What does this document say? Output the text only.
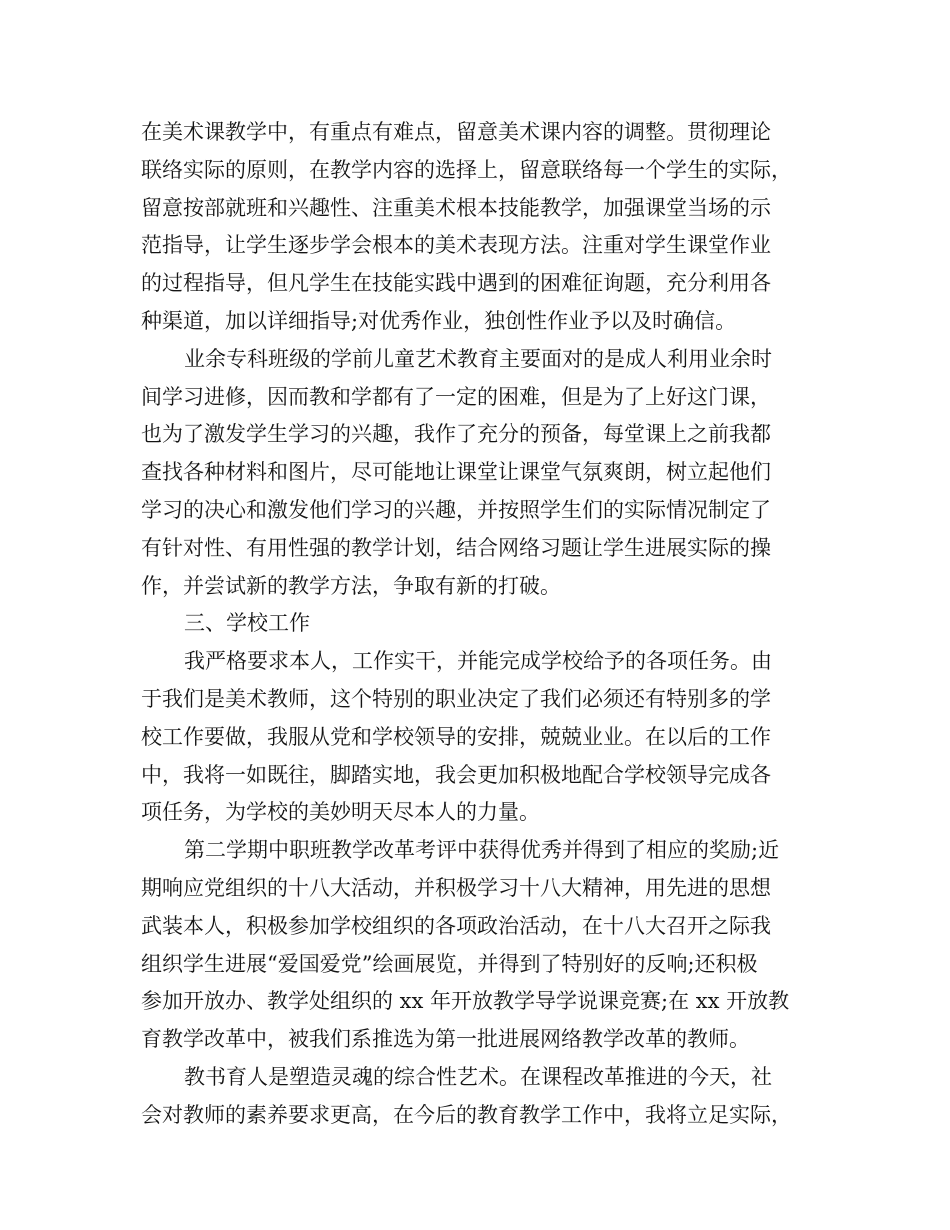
在美术课教学中，有重点有难点，留意美术课内容的调整。贯彻理论
联络实际的原则，在教学内容的选择上，留意联络每一个学生的实际，
留意按部就班和兴趣性、注重美术根本技能教学，加强课堂当场的示
范指导，让学生逐步学会根本的美术表现方法。注重对学生课堂作业
的过程指导，但凡学生在技能实践中遇到的困难征询题，充分利用各
种渠道，加以详细指导;对优秀作业，独创性作业予以及时确信。
业余专科班级的学前儿童艺术教育主要面对的是成人利用业余时
间学习进修，因而教和学都有了一定的困难，但是为了上好这门课，
也为了激发学生学习的兴趣，我作了充分的预备，每堂课上之前我都
查找各种材料和图片，尽可能地让课堂让课堂气氛爽朗，树立起他们
学习的决心和激发他们学习的兴趣，并按照学生们的实际情况制定了
有针对性、有用性强的教学计划，结合网络习题让学生进展实际的操
作，并尝试新的教学方法，争取有新的打破。
三、学校工作
我严格要求本人，工作实干，并能完成学校给予的各项任务。由
于我们是美术教师，这个特别的职业决定了我们必须还有特别多的学
校工作要做，我服从党和学校领导的安排，兢兢业业。在以后的工作
中，我将一如既往，脚踏实地，我会更加积极地配合学校领导完成各
项任务，为学校的美妙明天尽本人的力量。
第二学期中职班教学改革考评中获得优秀并得到了相应的奖励;近
期响应党组织的十八大活动，并积极学习十八大精神，用先进的思想
武装本人，积极参加学校组织的各项政治活动，在十八大召开之际我
组织学生进展“爱国爱党”绘画展览，并得到了特别好的反响;还积极
参加开放办、教学处组织的 xx 年开放教学导学说课竞赛;在 xx 开放教
育教学改革中，被我们系推选为第一批进展网络教学改革的教师。
教书育人是塑造灵魂的综合性艺术。在课程改革推进的今天，社
会对教师的素养要求更高，在今后的教育教学工作中，我将立足实际，
